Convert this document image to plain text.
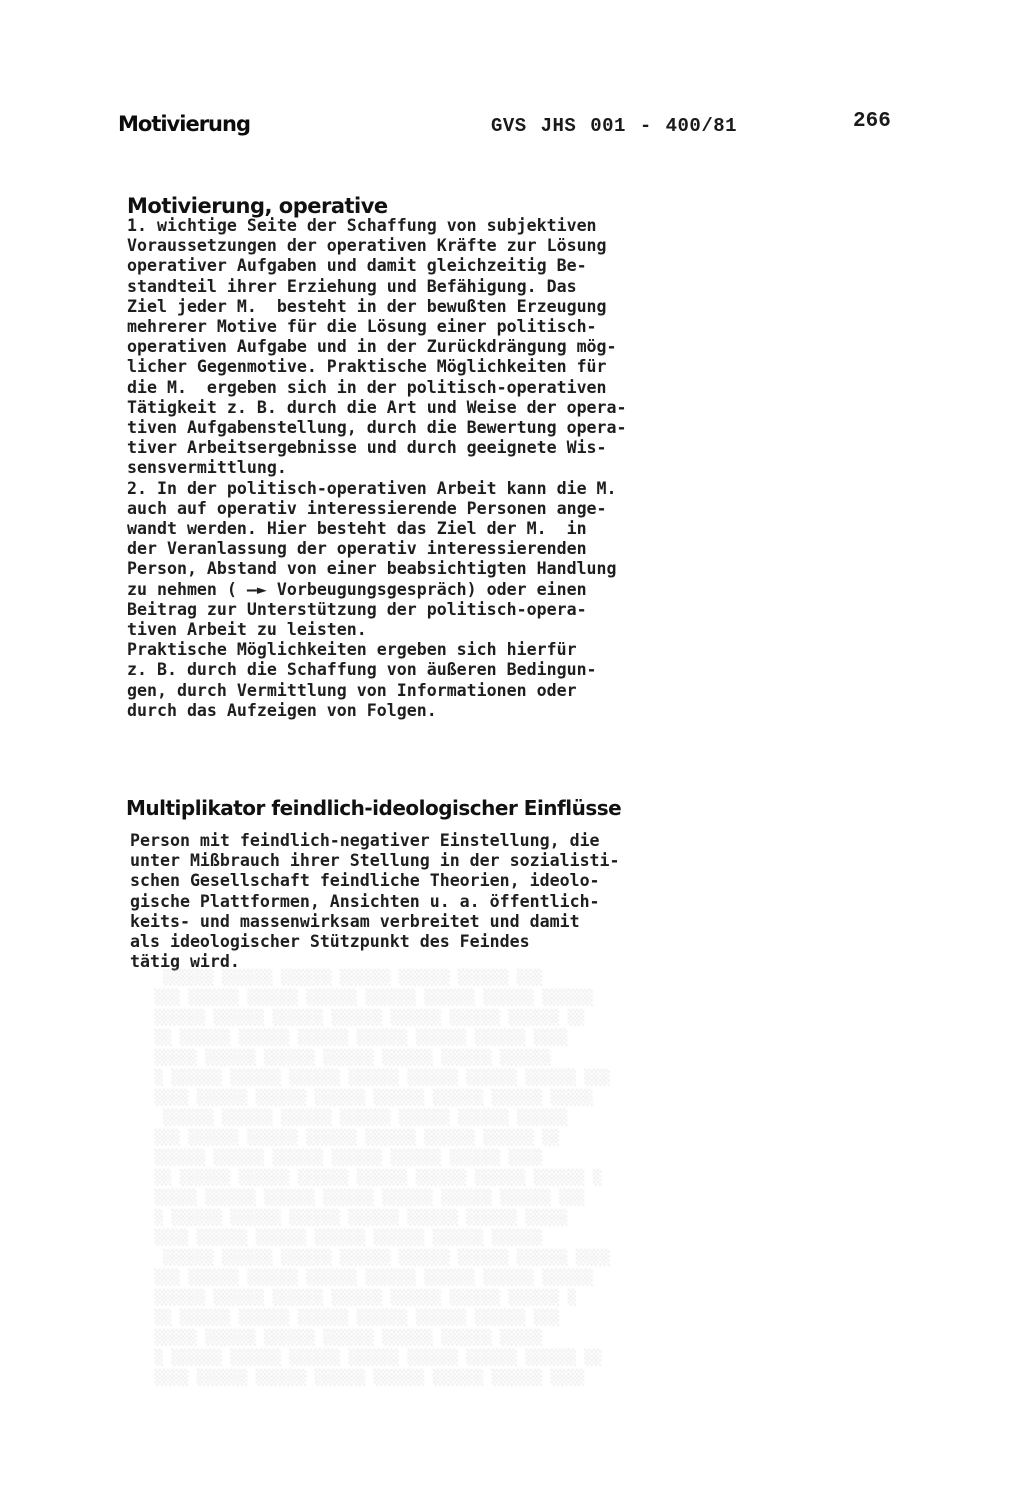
Motivierung	GVS JHS 001 - 400/81	266
Motivierung, operative
1. wichtige Seite der Schaffung von subjektiven
Voraussetzungen der operativen Kräfte zur Lösung
operativer Aufgaben und damit gleichzeitig Be-
standteil ihrer Erziehung und Befähigung. Das
Ziel jeder M.  besteht in der bewußten Erzeugung
mehrerer Motive für die Lösung einer politisch-
operativen Aufgabe und in der Zurückdrängung mög-
licher Gegenmotive. Praktische Möglichkeiten für
die M.  ergeben sich in der politisch-operativen
Tätigkeit z. B. durch die Art und Weise der opera-
tiven Aufgabenstellung, durch die Bewertung opera-
tiver Arbeitsergebnisse und durch geeignete Wis-
sensvermittlung.
2. In der politisch-operativen Arbeit kann die M.
auch auf operativ interessierende Personen ange-
wandt werden. Hier besteht das Ziel der M.  in
der Veranlassung der operativ interessierenden
Person, Abstand von einer beabsichtigten Handlung
zu nehmen ( —► Vorbeugungsgespräch) oder einen
Beitrag zur Unterstützung der politisch-opera-
tiven Arbeit zu leisten.
Praktische Möglichkeiten ergeben sich hierfür
z. B. durch die Schaffung von äußeren Bedingun-
gen, durch Vermittlung von Informationen oder
durch das Aufzeigen von Folgen.

Multiplikator feindlich-ideologischer Einflüsse
Person mit feindlich-negativer Einstellung, die
unter Mißbrauch ihrer Stellung in der sozialisti-
schen Gesellschaft feindliche Theorien, ideolo-
gische Plattformen, Ansichten u. a. öffentlich-
keits- und massenwirksam verbreitet und damit
als ideologischer Stützpunkt des Feindes
tätig wird.

░░░░░░ ░░░░░░ ░░░░░░ ░░░░░░ ░░░░░░ ░░░░░░ ░░░
░░░ ░░░░░░ ░░░░░░ ░░░░░░ ░░░░░░ ░░░░░░ ░░░░░░ ░░░░░░
░░░░░░ ░░░░░░ ░░░░░░ ░░░░░░ ░░░░░░ ░░░░░░ ░░░░░░ ░░
░░ ░░░░░░ ░░░░░░ ░░░░░░ ░░░░░░ ░░░░░░ ░░░░░░ ░░░░
░░░░░ ░░░░░░ ░░░░░░ ░░░░░░ ░░░░░░ ░░░░░░ ░░░░░░
░ ░░░░░░ ░░░░░░ ░░░░░░ ░░░░░░ ░░░░░░ ░░░░░░ ░░░░░░ ░░░
░░░░ ░░░░░░ ░░░░░░ ░░░░░░ ░░░░░░ ░░░░░░ ░░░░░░ ░░░░░
░░░░░░ ░░░░░░ ░░░░░░ ░░░░░░ ░░░░░░ ░░░░░░ ░░░░░░
░░░ ░░░░░░ ░░░░░░ ░░░░░░ ░░░░░░ ░░░░░░ ░░░░░░ ░░
░░░░░░ ░░░░░░ ░░░░░░ ░░░░░░ ░░░░░░ ░░░░░░ ░░░░
░░ ░░░░░░ ░░░░░░ ░░░░░░ ░░░░░░ ░░░░░░ ░░░░░░ ░░░░░░ ░
░░░░░ ░░░░░░ ░░░░░░ ░░░░░░ ░░░░░░ ░░░░░░ ░░░░░░ ░░░
░ ░░░░░░ ░░░░░░ ░░░░░░ ░░░░░░ ░░░░░░ ░░░░░░ ░░░░░
░░░░ ░░░░░░ ░░░░░░ ░░░░░░ ░░░░░░ ░░░░░░ ░░░░░░
░░░░░░ ░░░░░░ ░░░░░░ ░░░░░░ ░░░░░░ ░░░░░░ ░░░░░░ ░░░░
░░░ ░░░░░░ ░░░░░░ ░░░░░░ ░░░░░░ ░░░░░░ ░░░░░░ ░░░░░░
░░░░░░ ░░░░░░ ░░░░░░ ░░░░░░ ░░░░░░ ░░░░░░ ░░░░░░ ░
░░ ░░░░░░ ░░░░░░ ░░░░░░ ░░░░░░ ░░░░░░ ░░░░░░ ░░░
░░░░░ ░░░░░░ ░░░░░░ ░░░░░░ ░░░░░░ ░░░░░░ ░░░░░
░ ░░░░░░ ░░░░░░ ░░░░░░ ░░░░░░ ░░░░░░ ░░░░░░ ░░░░░░ ░░
░░░░ ░░░░░░ ░░░░░░ ░░░░░░ ░░░░░░ ░░░░░░ ░░░░░░ ░░░░
